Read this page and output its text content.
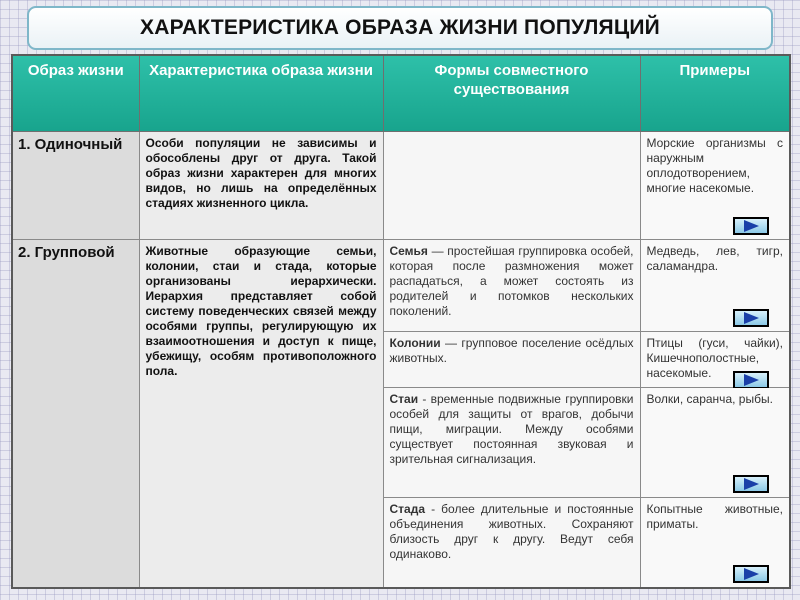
ХАРАКТЕРИСТИКА ОБРАЗА ЖИЗНИ ПОПУЛЯЦИЙ
Образ жизни	Характеристика образа жизни	Формы совместного существования	Примеры
1. Одиночный	Особи популяции не зависимы и обособлены друг от друга. Такой образ жизни характерен для многих видов, но лишь на определённых стадиях жизненного цикла.		Морские организмы с наружным оплодотворением, многие насекомые.

2. Групповой	Животные образующие семьи, колонии, стаи и стада, которые организованы иерархически. Иерархия представляет собой систему поведенческих связей между особями группы, регулирующую их взаимоотношения и доступ к пище, убежищу, особям противоположного пола.	Семья — простейшая группировка особей, которая после размножения может распадаться, а может состоять из родителей и потомков нескольких поколений.	Медведь, лев, тигр, саламандра.

		Колонии — групповое поселение осёдлых животных.	Птицы (гуси, чайки), Кишечнополостные, насекомые.

		Стаи - временные подвижные группировки особей для защиты от врагов, добычи пищи, миграции. Между особями существует постоянная звуковая и зрительная сигнализация.	Волки, саранча, рыбы.

		Стада - более длительные и постоянные объединения животных. Сохраняют близость друг к другу. Ведут себя одинаково.	Копытные животные, приматы.
